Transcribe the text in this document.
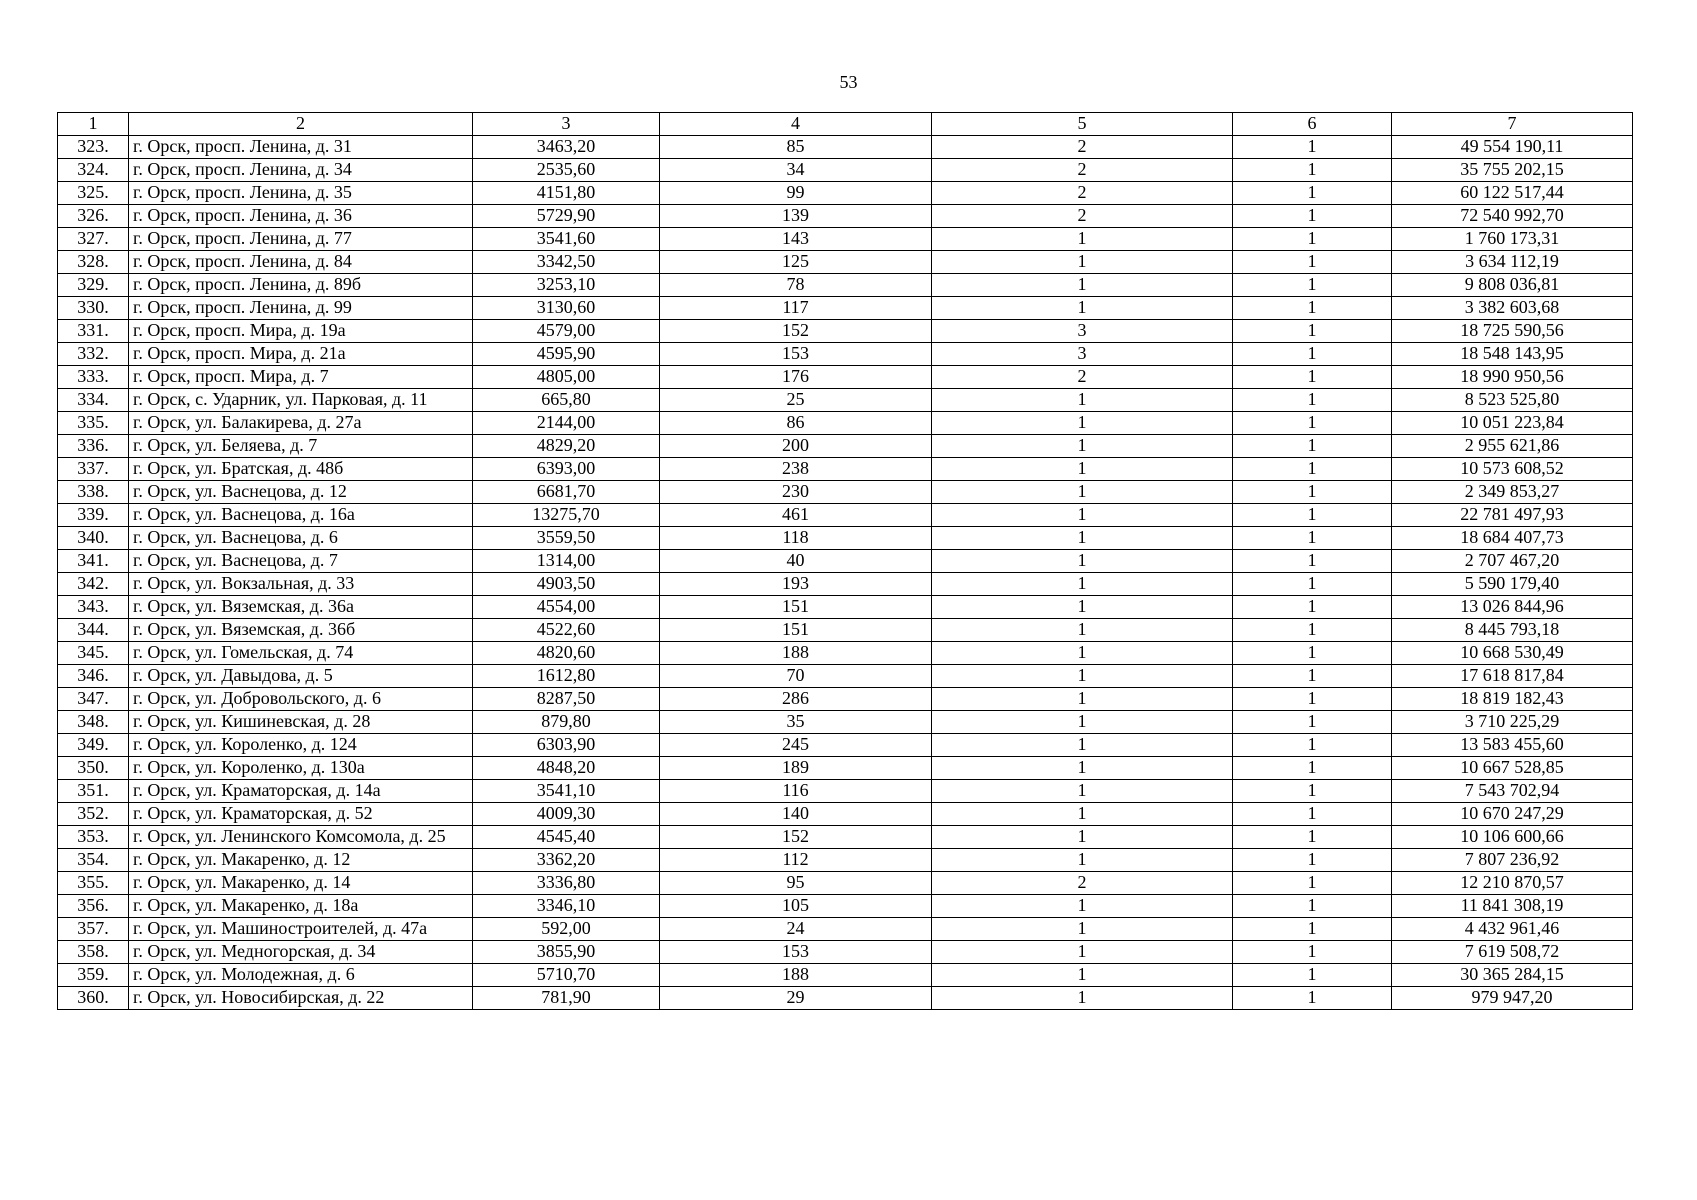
53
1	2	3	4	5	6	7
323.	г. Орск, просп. Ленина, д. 31	3463,20	85	2	1	49 554 190,11
324.	г. Орск, просп. Ленина, д. 34	2535,60	34	2	1	35 755 202,15
325.	г. Орск, просп. Ленина, д. 35	4151,80	99	2	1	60 122 517,44
326.	г. Орск, просп. Ленина, д. 36	5729,90	139	2	1	72 540 992,70
327.	г. Орск, просп. Ленина, д. 77	3541,60	143	1	1	1 760 173,31
328.	г. Орск, просп. Ленина, д. 84	3342,50	125	1	1	3 634 112,19
329.	г. Орск, просп. Ленина, д. 89б	3253,10	78	1	1	9 808 036,81
330.	г. Орск, просп. Ленина, д. 99	3130,60	117	1	1	3 382 603,68
331.	г. Орск, просп. Мира, д. 19а	4579,00	152	3	1	18 725 590,56
332.	г. Орск, просп. Мира, д. 21а	4595,90	153	3	1	18 548 143,95
333.	г. Орск, просп. Мира, д. 7	4805,00	176	2	1	18 990 950,56
334.	г. Орск, с. Ударник, ул. Парковая, д. 11	665,80	25	1	1	8 523 525,80
335.	г. Орск, ул. Балакирева, д. 27а	2144,00	86	1	1	10 051 223,84
336.	г. Орск, ул. Беляева, д. 7	4829,20	200	1	1	2 955 621,86
337.	г. Орск, ул. Братская, д. 48б	6393,00	238	1	1	10 573 608,52
338.	г. Орск, ул. Васнецова, д. 12	6681,70	230	1	1	2 349 853,27
339.	г. Орск, ул. Васнецова, д. 16а	13275,70	461	1	1	22 781 497,93
340.	г. Орск, ул. Васнецова, д. 6	3559,50	118	1	1	18 684 407,73
341.	г. Орск, ул. Васнецова, д. 7	1314,00	40	1	1	2 707 467,20
342.	г. Орск, ул. Вокзальная, д. 33	4903,50	193	1	1	5 590 179,40
343.	г. Орск, ул. Вяземская, д. 36а	4554,00	151	1	1	13 026 844,96
344.	г. Орск, ул. Вяземская, д. 36б	4522,60	151	1	1	8 445 793,18
345.	г. Орск, ул. Гомельская, д. 74	4820,60	188	1	1	10 668 530,49
346.	г. Орск, ул. Давыдова, д. 5	1612,80	70	1	1	17 618 817,84
347.	г. Орск, ул. Добровольского, д. 6	8287,50	286	1	1	18 819 182,43
348.	г. Орск, ул. Кишиневская, д. 28	879,80	35	1	1	3 710 225,29
349.	г. Орск, ул. Короленко, д. 124	6303,90	245	1	1	13 583 455,60
350.	г. Орск, ул. Короленко, д. 130а	4848,20	189	1	1	10 667 528,85
351.	г. Орск, ул. Краматорская, д. 14а	3541,10	116	1	1	7 543 702,94
352.	г. Орск, ул. Краматорская, д. 52	4009,30	140	1	1	10 670 247,29
353.	г. Орск, ул. Ленинского Комсомола, д. 25	4545,40	152	1	1	10 106 600,66
354.	г. Орск, ул. Макаренко, д. 12	3362,20	112	1	1	7 807 236,92
355.	г. Орск, ул. Макаренко, д. 14	3336,80	95	2	1	12 210 870,57
356.	г. Орск, ул. Макаренко, д. 18а	3346,10	105	1	1	11 841 308,19
357.	г. Орск, ул. Машиностроителей, д. 47а	592,00	24	1	1	4 432 961,46
358.	г. Орск, ул. Медногорская, д. 34	3855,90	153	1	1	7 619 508,72
359.	г. Орск, ул. Молодежная, д. 6	5710,70	188	1	1	30 365 284,15
360.	г. Орск, ул. Новосибирская, д. 22	781,90	29	1	1	979 947,20
